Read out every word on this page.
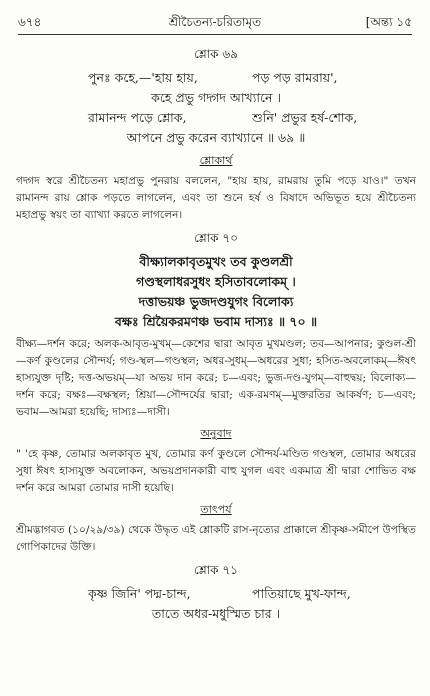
৬৭৪	শ্রীচৈতন্য-চরিতামৃত	[অন্ত্য ১৫
শ্লোক ৬৯
পুনঃ কহে,—'হায় হায়,	পড় পড় রামরায়',
কহে প্রভু গদ্গদ আখ্যানে ।
রামানন্দ পড়ে শ্লোক,	শুনি' প্রভুর হর্ষ-শোক,
আপনে প্রভু করেন ব্যাখ্যানে ॥ ৬৯ ॥
শ্লোকার্থ
গদ্গদ স্বরে শ্রীচৈতন্য মহাপ্রভু পুনরায় বললেন, "হায় হায়, রামরায় তুমি পড়ে যাও।" তখন রামানন্দ রায় শ্লোক পড়তে লাগলেন, এবং তা শুনে হর্ষ ও বিষাদে অভিভূত হয়ে শ্রীচৈতন্য মহাপ্রভু স্বয়ং তা ব্যাখ্যা করতে লাগলেন।
শ্লোক ৭০
বীক্ষ্যালকাবৃতমুখং তব কুণ্ডলশ্রী
গণ্ডস্থলাধরসুধং হসিতাবলোকম্ ।
দত্তাভয়ঞ্চ ভুজদণ্ডযুগং বিলোক্য
বক্ষঃ শ্রিয়ৈকরমণঞ্চ ভবাম দাস্যঃ ॥ ৭০ ॥
বীক্ষ্য—দর্শন করে; অলক-আবৃত-মুখম্—কেশের দ্বারা আবৃত মুখমণ্ডল; তব—আপনার; কুণ্ডল-শ্রী—কর্ণ কুণ্ডলের সৌন্দর্য; গণ্ড-স্থল—গণ্ডস্থল; অধর-সুধম্—অধরের সুধা; হসিত-অবলোকম্—ঈষৎ হাস্যযুক্ত দৃষ্টি; দত্ত-অভয়ম্—যা অভয় দান করে; চ—এবং; ভুজ-দণ্ড-যুগম্—বাহুদ্বয়; বিলোক্য—দর্শন করে; বক্ষঃ—বক্ষস্থল; শ্রিয়া—সৌন্দর্যের দ্বারা; এক-রমণম্—মুক্তরতির আকর্ষণ; চ—এবং; ভবাম—আমরা হয়েছি; দাস্যঃ—দাসী।
অনুবাদ
" 'হে কৃষ্ণ, তোমার অলকাবৃত মুখ, তোমার কর্ণ কুণ্ডলে সৌন্দর্য-মণ্ডিত গণ্ডস্থল, তোমার অধরের সুধা ঈষৎ হাস্যযুক্ত অবলোকন, অভয়প্রদানকারী বাহু যুগল এবং একমাত্র শ্রী দ্বারা শোভিত বক্ষ দর্শন করে আমরা তোমার দাসী হয়েছি।
তাৎপর্য
শ্রীমদ্ভাগবত (১০/২৯/৩৯) থেকে উদ্ধৃত এই শ্লোকটি রাস-নৃত্যের প্রাক্কালে শ্রীকৃষ্ণ-সমীপে উপস্থিত গোপিকাদের উক্তি।
শ্লোক ৭১
কৃষ্ণ জিনি' পদ্ম-চান্দ,	পাতিয়াছে মুখ-ফান্দ,
তাতে অধর-মধুস্মিত চার ।
